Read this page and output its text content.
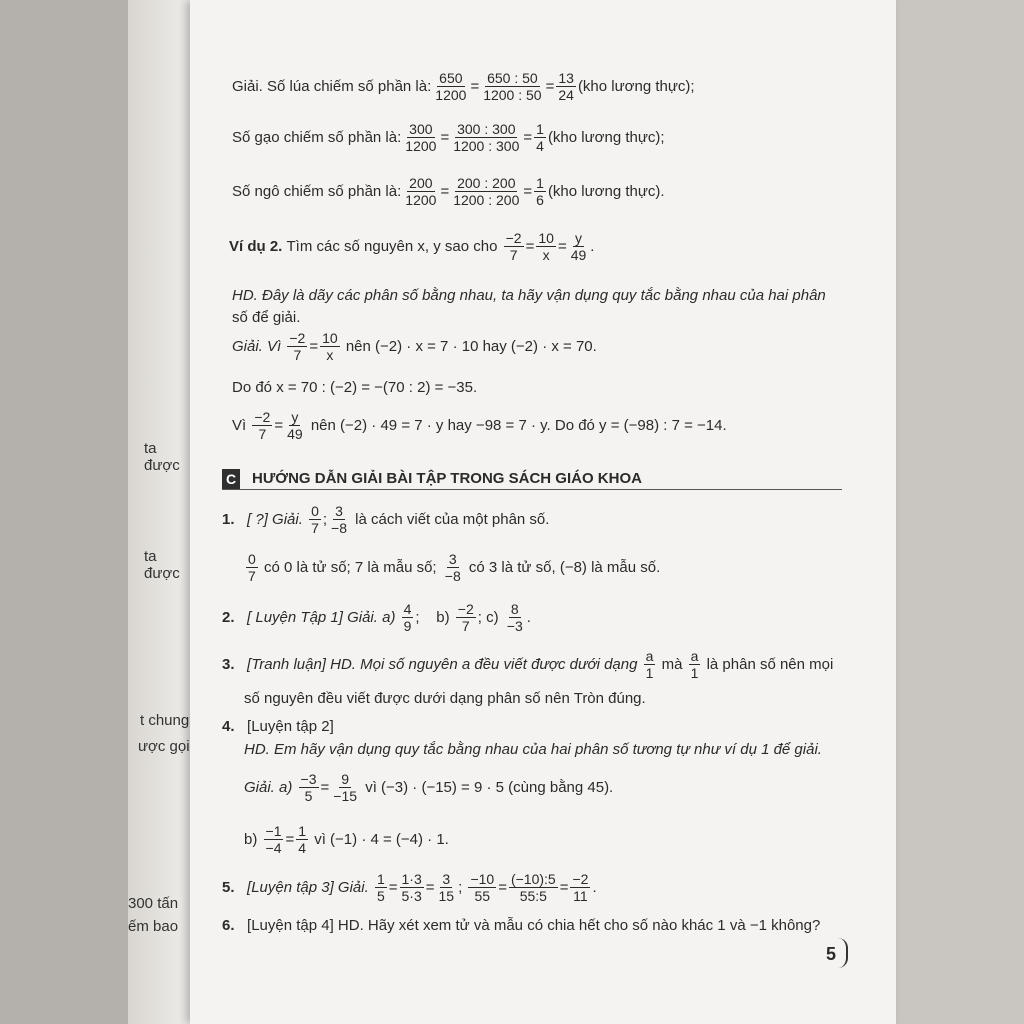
ta được
ta được
t chung
ược gọi
300 tấn
ếm bao
Giải. Số lúa chiếm số phần là: $\frac{650}{1200} = \frac{650 : 50}{1200 : 50} = \frac{13}{24} (kho$ lương thực);
Số gạo chiếm số phần là: $\frac{300}{1200} = \frac{300 : 300}{1200 : 300} = \frac{1}{4} (kho$ lương thực);
Số ngô chiếm số phần là: $\frac{200}{1200} = \frac{200 : 200}{1200 : 200} = \frac{1}{6} (kho$ lương thực).
Ví dụ 2.
Tìm các số nguyên x, y sao cho
$\frac{-2}{7} = \frac{10}{x} = \frac{y}{49}$ .
HD. Đây là dãy các phân số bằng nhau, ta hãy vận dụng quy tắc bằng nhau của hai phân
số để giải.
Giải. Vì
$\frac{-2}{7} = \frac{10}{x}$
nên (−2) · x = 7 · 10 hay (−2) · x = 70.
Do đó x = 70 : (−2) = −(70 : 2) = −35.
Vì
$\frac{-2}{7} = \frac{y}{49}$
nên (−2) · 49 = 7 · y hay −98 = 7 · y. Do đó y = (−98) : 7 = −14.
C HƯỚNG DẪN GIẢI BÀI TẬP TRONG SÁCH GIÁO KHOA
1.
[ ?] Giải.
$\frac{0}{7}$ ; $\frac{3}{-8}$
là cách viết của một phân số.
$\frac{0}{7}$
có 0 là tử số; 7 là mẫu số;
$\frac{3}{-8}$
có 3 là tử số, (−8) là mẫu số.
2.
[ Luyện Tập 1] Giải. a)
$\frac{4}{9}$ ; b)
$\frac{-2}{7}$ ; c)
$\frac{8}{-3}$ .
3.
[Tranh luận] HD. Mọi số nguyên a đều viết được dưới dạng
$\frac{a}{1}$
mà
$\frac{a}{1}$
là phân số nên mọi
số nguyên đều viết được dưới dạng phân số nên Tròn đúng.
4.
[Luyện tập 2]
HD. Em hãy vận dụng quy tắc bằng nhau của hai phân số tương tự như ví dụ 1 để giải.
Giải. a)
$\frac{-3}{5} = \frac{9}{-15}$
vì (−3) · (−15) = 9 · 5 (cùng bằng 45).
b)
$\frac{-1}{-4} = \frac{1}{4}$
vì (−1) · 4 = (−4) · 1.
5.
[Luyện tập 3] Giải.
$\frac{1}{5} = \frac{1\cdot 3}{5\cdot 3} = \frac{3}{15}$ ; $\frac{-10}{55} = \frac{(-10):5}{55:5} = \frac{-2}{11}$ .
6.
[Luyện tập 4] HD. Hãy xét xem tử và mẫu có chia hết cho số nào khác 1 và −1 không?
5
